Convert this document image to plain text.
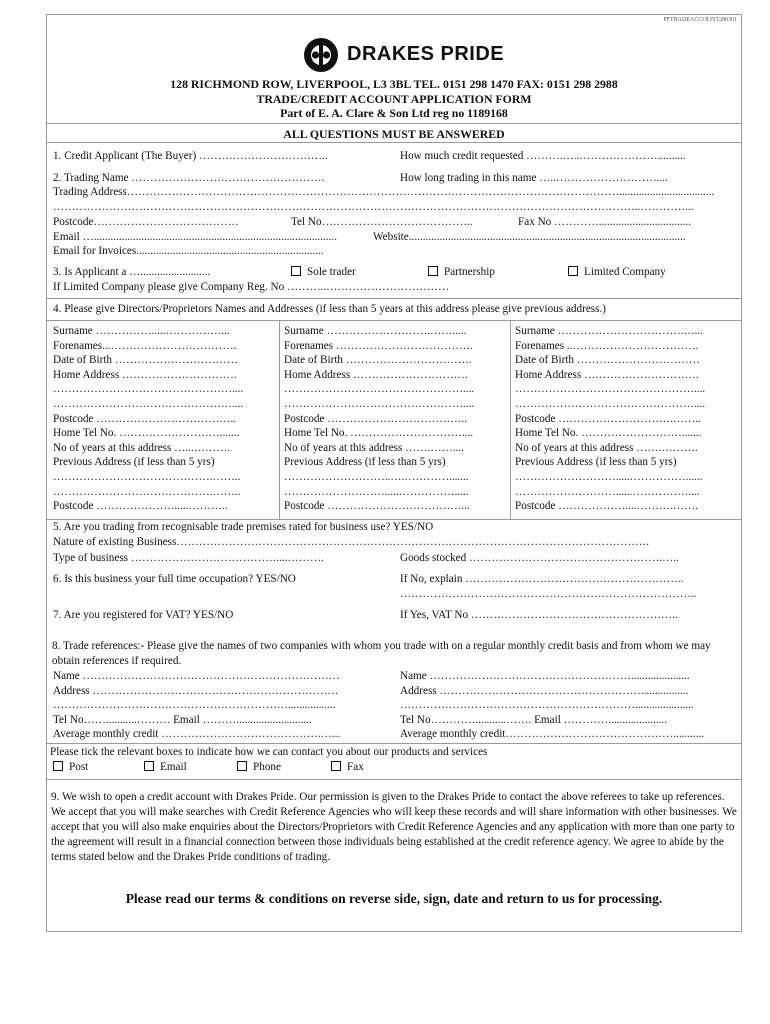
PFTRADEACCOUNT280301
DRAKES PRIDE
128 RICHMOND ROW, LIVERPOOL, L3 3BL TEL. 0151 298 1470 FAX: 0151 298 2988
TRADE/CREDIT ACCOUNT APPLICATION FORM
Part of E. A. Clare & Son Ltd reg no 1189168
ALL QUESTIONS MUST BE ANSWERED
1. Credit Applicant (The Buyer) ……………………………..	How much credit requested ……….…..…………………..........
2. Trading Name …………………………………………….	How long trading in this name …..………………………....
Trading Address……………………………………………………………………………………………………………………..................................
…………………………………………………………………………………………………………………………………………..…………...
Postcode…………………………………	Tel No…………………………………..	Fax No ………….................................
Email ….......................................................................................	Website...................................................................................................
Email for Invoices...................................................................
3. Is Applicant a ….........................	Sole trader	Partnership	Limited Company
If Limited Company please give Company Reg. No ………..……………………………
4. Please give Directors/Proprietors Names and Addresses (if less than 5 years at this address please give previous address.)
Surname …………….....……………...
Forenames...…………………………….
Date of Birth ……………………………
Home Address ………………………….
…………………………………………....
…………………………………………....
Postcode ………………………………..
Home Tel No. ……………………….......
No of years at this address …...……….
Previous Address (if less than 5 yrs)
…………………………………….……..
…………………………………….……..
Postcode ………………….....………..
Surname ……………………….…….....
Forenames ……………………………….
Date of Birth …………………………….
Home Address ………………………….
…………………………………………....
…………………………………………....
Postcode ………………………………..
Home Tel No. …………………………....
No of years at this address …….……....
Previous Address (if less than 5 yrs)
………………………..….………….......
……………………….....…………….....
Postcode ………………………………...
Surname …………………………….…...
Forenames ..…………………………….
Date of Birth ……………………………
Home Address ………………………….
…………………………………………....
…………………………………………....
Postcode ………………………….……..
Home Tel No. ……………………….......
No of years at this address …….……….
Previous Address (if less than 5 yrs)
……………………….....……………......
………………………......……………....
Postcode ………………....……….…….
5. Are you trading from recognisable trade premises rated for business use? YES/NO
Nature of existing Business……………………………………………………………………………………………………………….
Type of business …………………………………....……….	Goods stocked …………………………………………….…..
6. Is this business your full time occupation? YES/NO	If No, explain …………………………………………………..
……………………………………………………………………..
7. Are you registered for VAT? YES/NO	If Yes, VAT No ………………………………………………..
8. Trade references:- Please give the names of two companies with whom you trade with on a regular monthly credit basis and from whom we may obtain references if required.
Name ……………………………………………………………
Address …………………………………………………………
……………………………………………………….................
Tel No……...........……… Email ………...........................
Average monthly credit …………………………………….…...
Name ……………………………………………….....................
Address ……………………………………………….................
……………………………………………………….....................
Tel No…………...........……. Email ………….....................
Average monthly credit………………………………………...........
Please tick the relevant boxes to indicate how we can contact you about our products and services
Post	Email	Phone	Fax
9. We wish to open a credit account with Drakes Pride. Our permission is given to the Drakes Pride to contact the above referees to take up references. We accept that you will make searches with Credit Reference Agencies who will keep these records and will share information with other businesses. We accept that you will also make enquiries about the Directors/Proprietors with Credit Reference Agencies and any application with more than one party to the agreement will result in a financial connection between those individuals being established at the credit reference agency. We agree to abide by the terms stated below and the Drakes Pride conditions of trading.
Please read our terms & conditions on reverse side, sign, date and return to us for processing.
